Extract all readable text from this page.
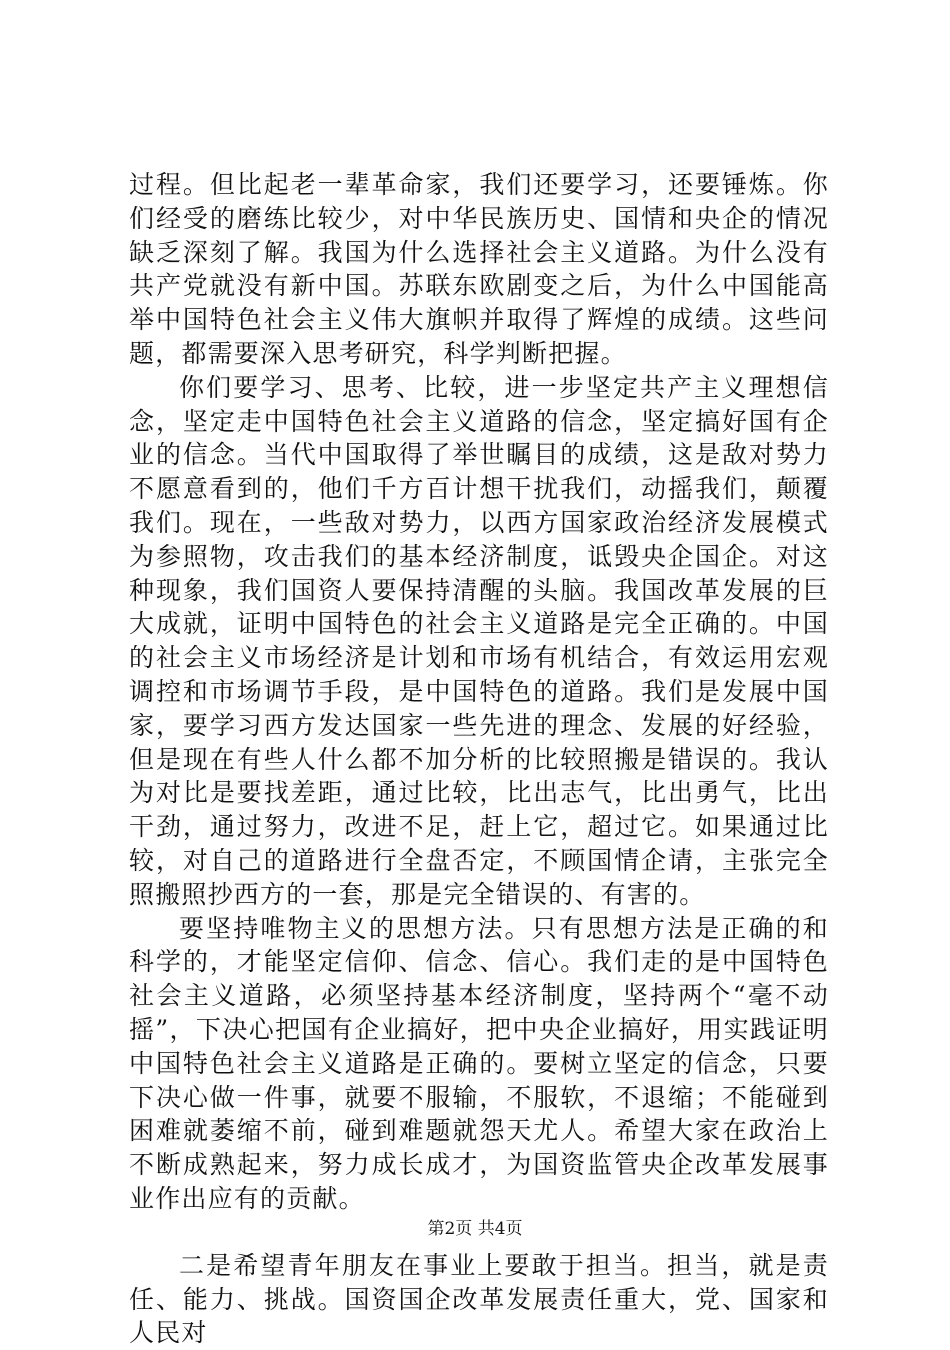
过程。但比起老一辈革命家，我们还要学习，还要锤炼。你们经受的磨练比较少，对中华民族历史、国情和央企的情况缺乏深刻了解。我国为什么选择社会主义道路。为什么没有共产党就没有新中国。苏联东欧剧变之后，为什么中国能高举中国特色社会主义伟大旗帜并取得了辉煌的成绩。这些问题，都需要深入思考研究，科学判断把握。

你们要学习、思考、比较，进一步坚定共产主义理想信念，坚定走中国特色社会主义道路的信念，坚定搞好国有企业的信念。当代中国取得了举世瞩目的成绩，这是敌对势力不愿意看到的，他们千方百计想干扰我们，动摇我们，颠覆我们。现在，一些敌对势力，以西方国家政治经济发展模式为参照物，攻击我们的基本经济制度，诋毁央企国企。对这种现象，我们国资人要保持清醒的头脑。我国改革发展的巨大成就，证明中国特色的社会主义道路是完全正确的。中国的社会主义市场经济是计划和市场有机结合，有效运用宏观调控和市场调节手段，是中国特色的道路。我们是发展中国家，要学习西方发达国家一些先进的理念、发展的好经验，但是现在有些人什么都不加分析的比较照搬是错误的。我认为对比是要找差距，通过比较，比出志气，比出勇气，比出干劲，通过努力，改进不足，赶上它，超过它。如果通过比较，对自己的道路进行全盘否定，不顾国情企请，主张完全照搬照抄西方的一套，那是完全错误的、有害的。

要坚持唯物主义的思想方法。只有思想方法是正确的和科学的，才能坚定信仰、信念、信心。我们走的是中国特色社会主义道路，必须坚持基本经济制度，坚持两个“毫不动摇”，下决心把国有企业搞好，把中央企业搞好，用实践证明中国特色社会主义道路是正确的。要树立坚定的信念，只要下决心做一件事，就要不服输，不服软，不退缩；不能碰到困难就萎缩不前，碰到难题就怨天尤人。希望大家在政治上不断成熟起来，努力成长成才，为国资监管央企改革发展事业作出应有的贡献。

二是希望青年朋友在事业上要敢于担当。担当，就是责任、能力、挑战。国资国企改革发展责任重大，党、国家和人民对

第2页 共4页
